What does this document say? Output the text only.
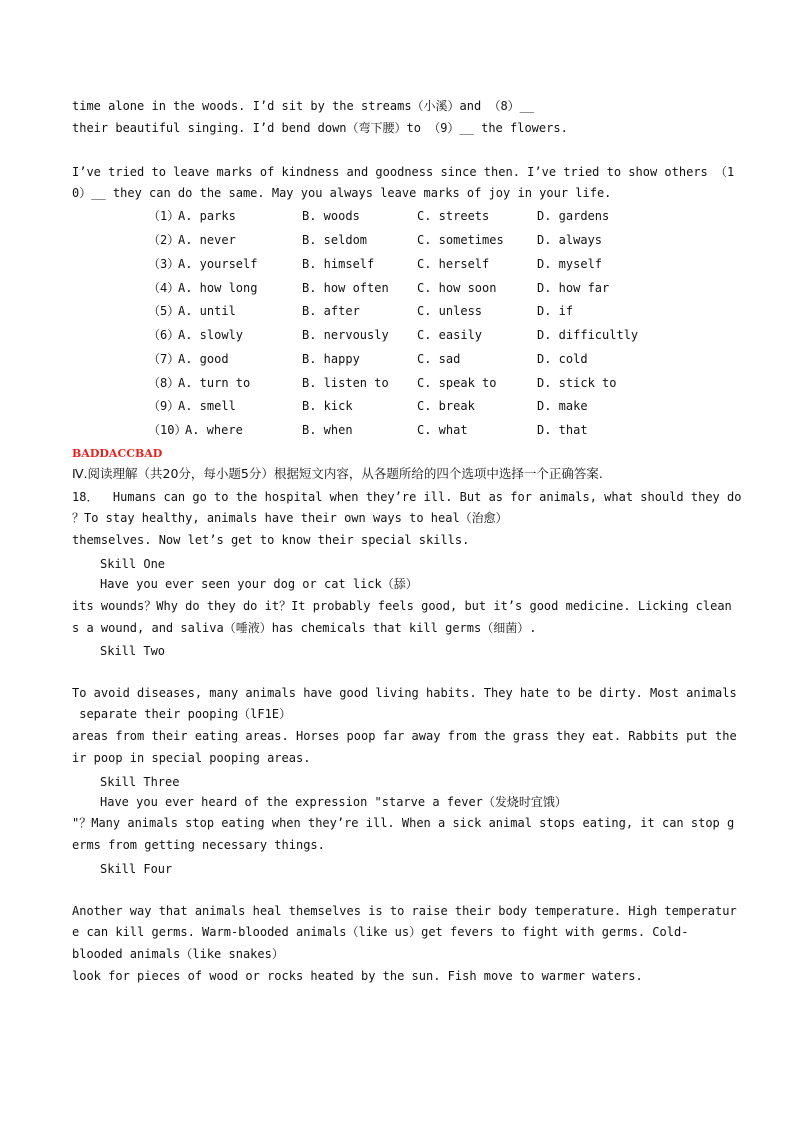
time alone in the woods. I’d sit by the streams（小溪）and （8）__
their beautiful singing. I’d bend down（弯下腰）to （9）__ the flowers.
I’ve tried to leave marks of kindness and goodness since then. I’ve tried to show others （1
0）__ they can do the same. May you always leave marks of joy in your life.
（1）
A. parks	B. woods	C. streets	D. gardens
（2）
A. never	B. seldom	C. sometimes	D. always
（3）
A. yourself	B. himself	C. herself	D. myself
（4）
A. how long	B. how often C. how soon	D. how far
（5）
A. until	B. after	C. unless	D. if
（6）
A. slowly	B. nervously C. easily	D. difficultly
（7）
A. good	B. happy	C. sad	D. cold
（8）
A. turn to	B. listen to C. speak to	D. stick to
（9）
A. smell	B. kick	C. break	D. make
（10）
A. where	B. when	C. what	D. that
BADDACCBAD
Ⅳ.阅读理解（共20分，每小题5分）根据短文内容，从各题所给的四个选项中选择一个正确答案.
18．  Humans can go to the hospital when they’re ill. But as for animals, what should they do
？To stay healthy, animals have their own ways to heal（治愈）
themselves. Now let’s get to know their special skills.
Skill One
Have you ever seen your dog or cat lick（舔）
its wounds？Why do they do it？It probably feels good, but it’s good medicine. Licking clean
s a wound, and saliva（唾液）has chemicals that kill germs（细菌）.
Skill Two
To avoid diseases, many animals have good living habits. They hate to be dirty. Most animals
separate their pooping（lF1E）
areas from their eating areas. Horses poop far away from the grass they eat. Rabbits put the
ir poop in special pooping areas.
Skill Three
Have you ever heard of the expression "starve a fever（发烧时宜饿）
"？Many animals stop eating when they’re ill. When a sick animal stops eating, it can stop g
erms from getting necessary things.
Skill Four
Another way that animals heal themselves is to raise their body temperature. High temperatur
e can kill germs. Warm-blooded animals（like us）get fevers to fight with germs. Cold-
blooded animals（like snakes）
look for pieces of wood or rocks heated by the sun. Fish move to warmer waters.
